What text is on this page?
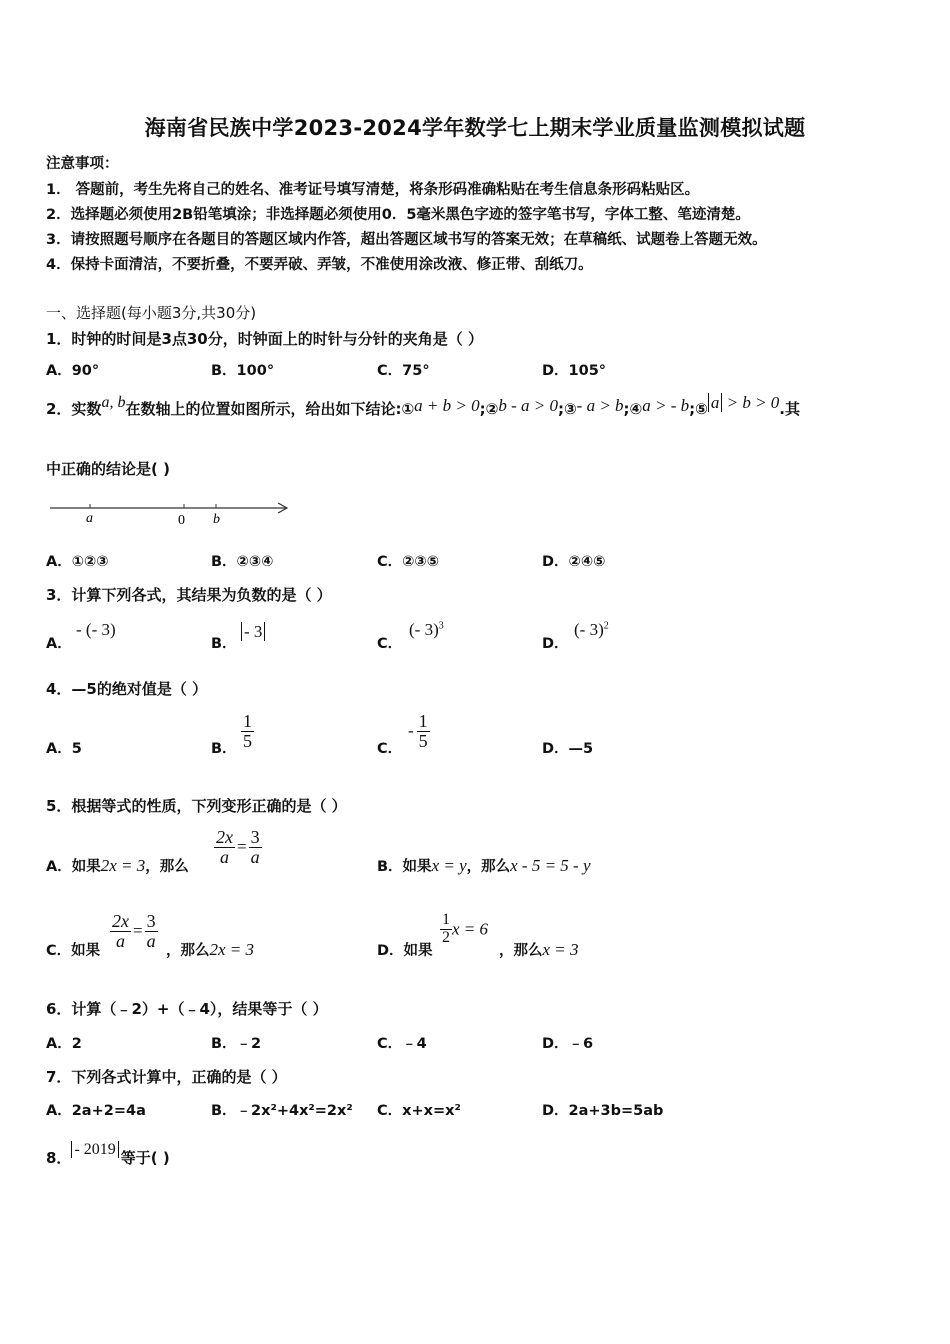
海南省民族中学2023-2024学年数学七上期末学业质量监测模拟试题
注意事项：
1． 答题前，考生先将自己的姓名、准考证号填写清楚，将条形码准确粘贴在考生信息条形码粘贴区。
2．选择题必须使用2B铅笔填涂；非选择题必须使用0．5毫米黑色字迹的签字笔书写，字体工整、笔迹清楚。
3．请按照题号顺序在各题目的答题区域内作答，超出答题区域书写的答案无效；在草稿纸、试题卷上答题无效。
4．保持卡面清洁，不要折叠，不要弄破、弄皱，不准使用涂改液、修正带、刮纸刀。
一、选择题(每小题3分,共30分)
1．时钟的时间是3点30分，时钟面上的时针与分针的夹角是（ ）
A．90°	B．100°	C．75°	D．105°
2．实数a, b在数轴上的位置如图所示，给出如下结论:①a + b > 0;②b - a > 0;③- a > b;④a > - b;⑤ a > b > 0.其
中正确的结论是( )
a	0 b
A．①②③	B．②③④	C．②③⑤	D．②④⑤
3．计算下列各式，其结果为负数的是（ ）
A．
- (- 3)
B．
- 3
C．
(- 3)$^3$
D．
(- 3)$^2$
4．—5的绝对值是（ ）
A．5	B． $\frac{1}{5}$	C．
- $\frac{1}{5}$	D．—5
5．根据等式的性质，下列变形正确的是（ ）
A．如果2x = 3，那么
$\frac{2x}{a} = \frac{3}{a}$
B．如果x = y，那么x - 5 = 5 - y
C．如果
$\frac{2x}{a} = \frac{3}{a}$
，那么2x = 3	D．如果
$\frac{1}{2}$ x = 6
，那么x = 3
6．计算（﹣2）+（﹣4），结果等于（ ）
A．2	B．﹣2	C．﹣4	D．﹣6
7．下列各式计算中，正确的是（ ）
A．2a+2=4a	B．﹣2x²+4x²=2x² C．x+x=x²	D．2a+3b=5ab
8． - 2019 等于( )
